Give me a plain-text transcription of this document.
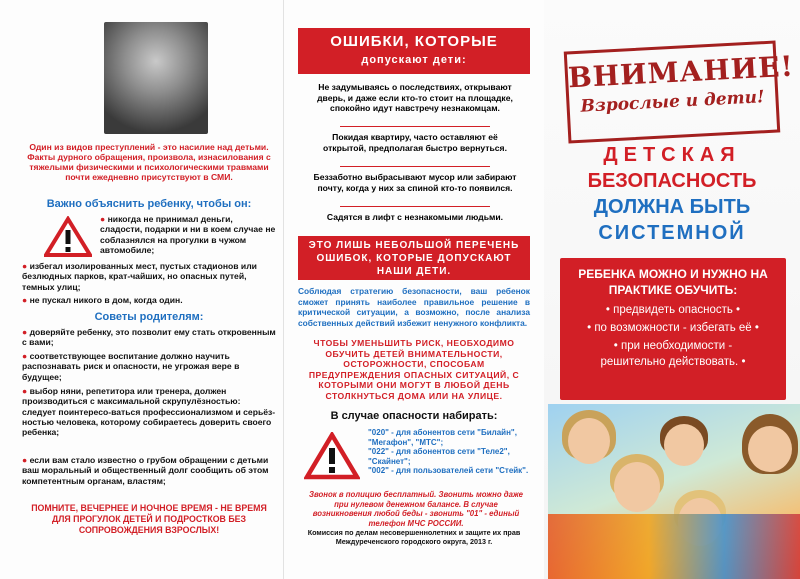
Один из видов преступлений - это насилие над детьми. Факты дурного обращения, произвола, изнасилования с тяжелыми физическими и психологическими травмами почти ежедневно присутствуют в СМИ.
Важно объяснить ребенку, чтобы он:
● никогда не принимал деньги, сладости, подарки и ни в коем случае не соблазнялся на прогулки в чужом автомобиле;
● избегал изолированных мест, пустых стадионов или безлюдных парков, крат-чайших, но опасных путей, темных улиц;
● не пускал никого в дом, когда один.
Советы родителям:
● доверяйте ребенку, это позволит ему стать откровенным с вами;
● соответствующее воспитание должно научить распознавать риск и опасности, не угрожая вере в будущее;
● выбор няни, репетитора или тренера, должен производиться с максимальной скрупулёзностью: следует поинтересо-ваться профессионализмом и серьёз-ностью человека, которому собираетесь доверить своего ребенка;
● если вам стало известно о грубом обращении с детьми ваш моральный и общественный долг сообщить об этом компетентным органам, властям;
ПОМНИТЕ, ВЕЧЕРНЕЕ И НОЧНОЕ ВРЕМЯ - НЕ ВРЕМЯ ДЛЯ ПРОГУЛОК ДЕТЕЙ И ПОДРОСТКОВ БЕЗ СОПРОВОЖДЕНИЯ ВЗРОСЛЫХ!
ОШИБКИ, КОТОРЫЕ
допускают дети:
Не задумываясь о последствиях, открывают дверь, и даже если кто-то стоит на площадке, спокойно идут навстречу незнакомцам.
Покидая квартиру, часто оставляют её открытой, предполагая быстро вернуться.
Беззаботно выбрасывают мусор или забирают почту, когда у них за спиной кто-то появился.
Садятся в лифт с незнакомыми людьми.
ЭТО ЛИШЬ НЕБОЛЬШОЙ ПЕРЕЧЕНЬ ОШИБОК, КОТОРЫЕ ДОПУСКАЮТ НАШИ ДЕТИ.
Соблюдая стратегию безопасности, ваш ребенок сможет принять наиболее правильное решение в критической ситуации, а возможно, после анализа собственных действий избежит ненужного конфликта.
ЧТОБЫ УМЕНЬШИТЬ РИСК, НЕОБХОДИМО ОБУЧИТЬ ДЕТЕЙ ВНИМАТЕЛЬНОСТИ, ОСТОРОЖНОСТИ, СПОСОБАМ ПРЕДУПРЕЖДЕНИЯ ОПАСНЫХ СИТУАЦИЙ, С КОТОРЫМИ ОНИ МОГУТ В ЛЮБОЙ ДЕНЬ СТОЛКНУТЬСЯ ДОМА ИЛИ НА УЛИЦЕ.
В случае опасности набирать:
"020" - для абонентов сети "Билайн", "Мегафон", "МТС";
"022" - для абонентов сети "Теле2", "Скайнет";
"002" - для пользователей сети "Стейк".
Звонок в полицию бесплатный. Звонить можно даже при нулевом денежном балансе. В случае возникновения любой беды - звонить "01" - единый телефон МЧС РОССИИ.
Комиссия по делам несовершеннолетних и защите их прав Междуреченского городского округа, 2013 г.
ВНИМАНИЕ!
Взрослые и дети!
ДЕТСКАЯ
БЕЗОПАСНОСТЬ
ДОЛЖНА БЫТЬ
СИСТЕМНОЙ
РЕБЕНКА МОЖНО И НУЖНО НА ПРАКТИКЕ ОБУЧИТЬ:
• предвидеть опасность •
• по возможности - избегать её •
• при необходимости - решительно действовать. •
